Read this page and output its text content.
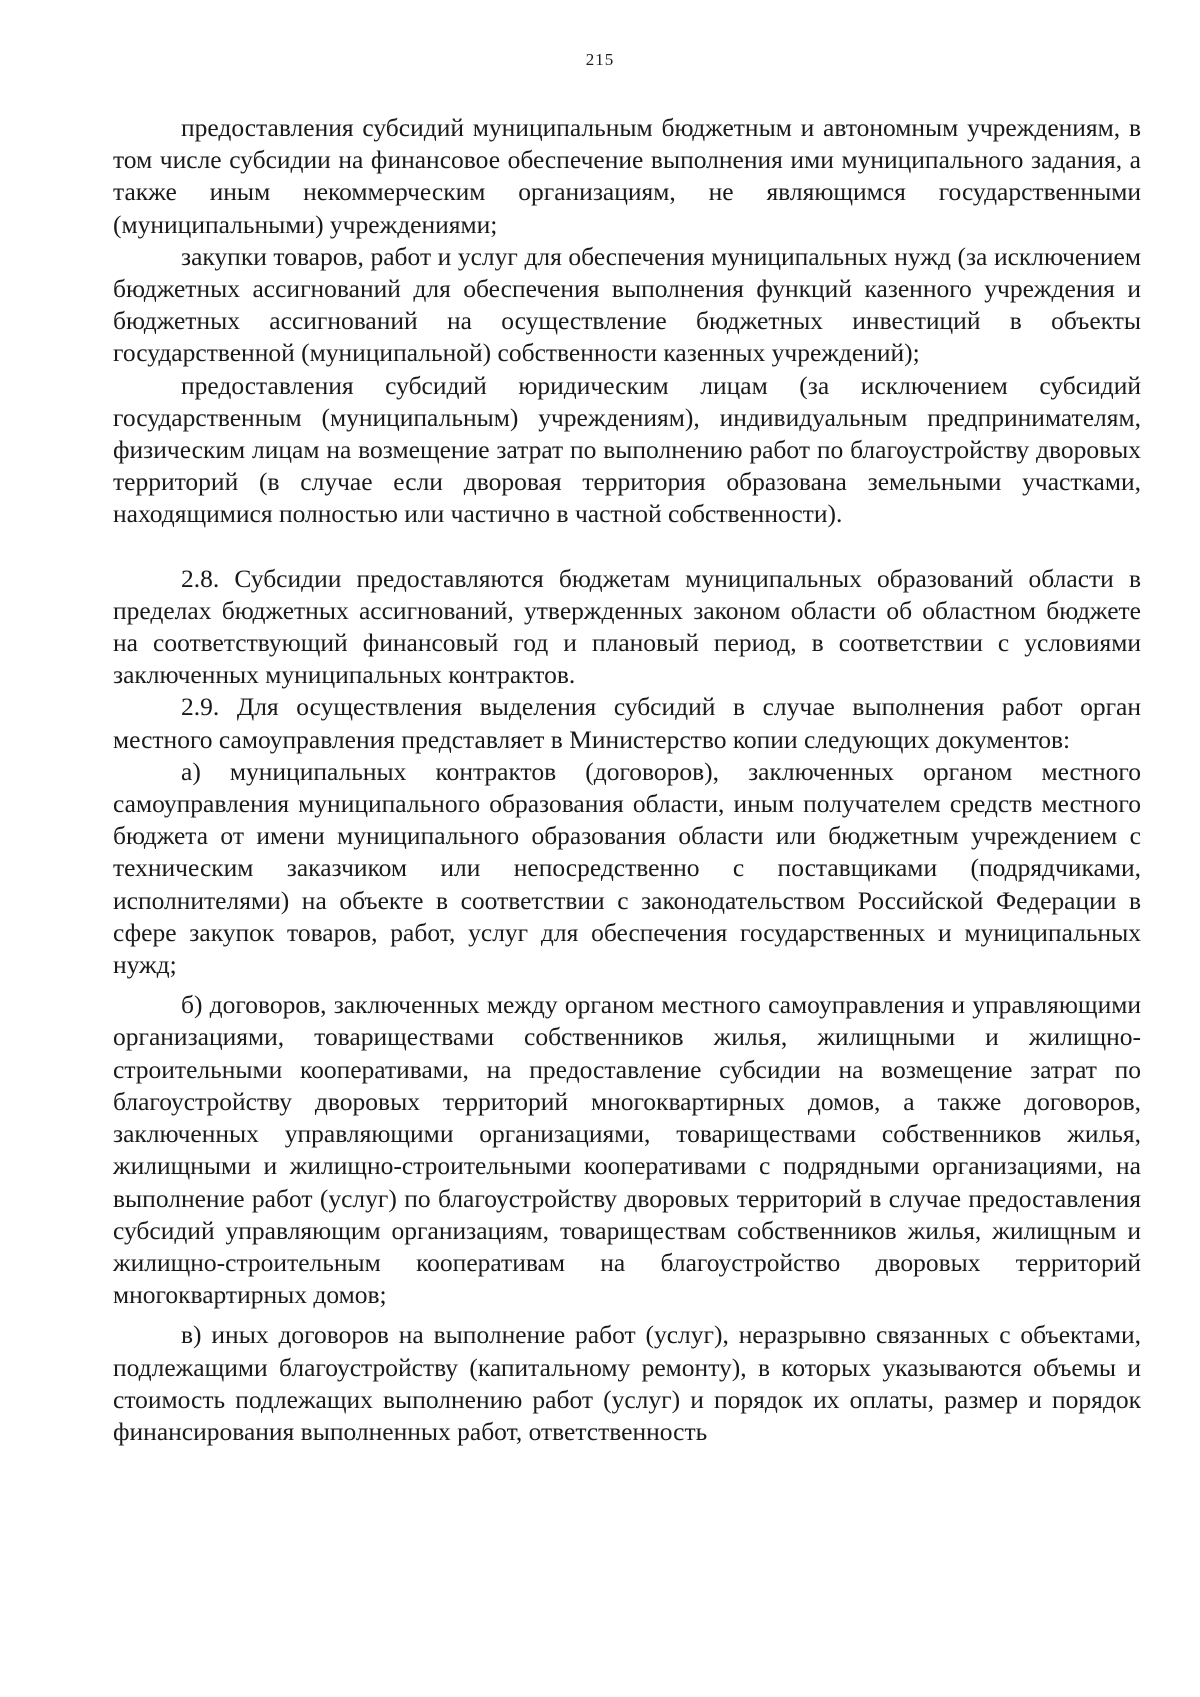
215

предоставления субсидий муниципальным бюджетным и автономным учреждениям, в том числе субсидии на финансовое обеспечение выполнения ими муниципального задания, а также иным некоммерческим организациям, не являющимся государственными (муниципальными) учреждениями;

закупки товаров, работ и услуг для обеспечения муниципальных нужд (за исключением бюджетных ассигнований для обеспечения выполнения функций казенного учреждения и бюджетных ассигнований на осуществление бюджетных инвестиций в объекты государственной (муниципальной) собственности казенных учреждений);

предоставления субсидий юридическим лицам (за исключением субсидий государственным (муниципальным) учреждениям), индивидуальным предпринимателям, физическим лицам на возмещение затрат по выполнению работ по благоустройству дворовых территорий (в случае если дворовая территория образована земельными участками, находящимися полностью или частично в частной собственности).

2.8. Субсидии предоставляются бюджетам муниципальных образований области в пределах бюджетных ассигнований, утвержденных законом области об областном бюджете на соответствующий финансовый год и плановый период, в соответствии с условиями заключенных муниципальных контрактов.

2.9. Для осуществления выделения субсидий в случае выполнения работ орган местного самоуправления представляет в Министерство копии следующих документов:

а) муниципальных контрактов (договоров), заключенных органом местного самоуправления муниципального образования области, иным получателем средств местного бюджета от имени муниципального образования области или бюджетным учреждением с техническим заказчиком или непосредственно с поставщиками (подрядчиками, исполнителями) на объекте в соответствии с законодательством Российской Федерации в сфере закупок товаров, работ, услуг для обеспечения государственных и муниципальных нужд;

б) договоров, заключенных между органом местного самоуправления и управляющими организациями, товариществами собственников жилья, жилищными и жилищно-строительными кооперативами, на предоставление субсидии на возмещение затрат по благоустройству дворовых территорий многоквартирных домов, а также договоров, заключенных управляющими организациями, товариществами собственников жилья, жилищными и жилищно-строительными кооперативами с подрядными организациями, на выполнение работ (услуг) по благоустройству дворовых территорий в случае предоставления субсидий управляющим организациям, товариществам собственников жилья, жилищным и жилищно-строительным кооперативам на благоустройство дворовых территорий многоквартирных домов;

в) иных договоров на выполнение работ (услуг), неразрывно связанных с объектами, подлежащими благоустройству (капитальному ремонту), в которых указываются объемы и стоимость подлежащих выполнению работ (услуг) и порядок их оплаты, размер и порядок финансирования выполненных работ, ответственность
